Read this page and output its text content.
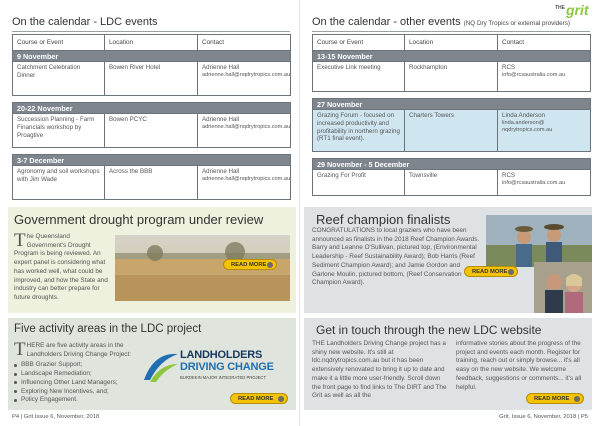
$^{THE}$grit
On the calendar - LDC events
Course or Event	Location	Contact
9 November		
Catchment Celebration Dinner	Bowen River Hotel	Adrienne Hall
adrienne.hall@nqdrytropics.com.au

20-22 November		
Succession Planning - Farm Financials workshop by Proagtive	Bowen PCYC	Adrienne Hall
adrienne.hall@nqdrytropics.com.au

3-7 December		
Agronomy and soil workshops with Jim Wade	Across the BBB	Adrienne Hall
adrienne.hall@nqdrytropics.com.au
On the calendar - other events (NQ Dry Tropics or external providers)
Course or Event	Location	Contact
13-15 November		
Executive Link meeting	Rockhampton	RCS
info@rcsaustralia.com.au

27 November		
Grazing Forum - focused on increased productivity and profitability in northern grazing (RT1 final event).	Charters Towers	Linda Anderson
linda.anderson@ nqdrytropics.com.au

29 November - 5 December		
Grazing For Profit	Townsville	RCS
info@rcsaustralia.com.au
Government drought program under review
The Queensland Government's Drought Program is being reviewed. An expert panel is considering what has worked well, what could be improved, and how the State and industry can better prepare for future droughts.
READ MORE
Reef champion finalists
CONGRATULATIONS to local graziers who have been announced as finalists in the 2018 Reef Champion Awards. Barry and Leanne O'Sullivan, pictured top, (Environmental Leadership - Reef Sustainability Award); Bob Harris (Reef Sediment Champion Award); and Jamie Gordon and Garlone Moulin, pictured bottom, (Reef Conservation Champion Award).
READ MORE
Five activity areas in the LDC project
THERE are five activity areas in the Landholders Driving Change Project:
BBB Grazier Support;
Landscape Remediation;
Influencing Other Land Managers;
Exploring New Incentives, and;
Policy Engagement.
LANDHOLDERS
DRIVING CHANGE
BURDEKIN MAJOR INTEGRATED PROJECT
READ MORE
Get in touch through the new LDC website
THE Landholders Driving Change project has a shiny new website. It's still at ldc.nqdrytropics.com.au but it has been extensively renovated to bring it up to date and make it a little more user-friendly. Scroll down the front page to find links to The DIRT and The Grit as well as all the
informative stories about the progress of the project and events each month. Register for training, reach out or simply browse... it's all easy on the new website. We welcome feedback, suggestions or comments... it's all helpful.
READ MORE
P4 | Grit Issue 6, November, 2018	Grit, Issue 6, November, 2018 | P5
